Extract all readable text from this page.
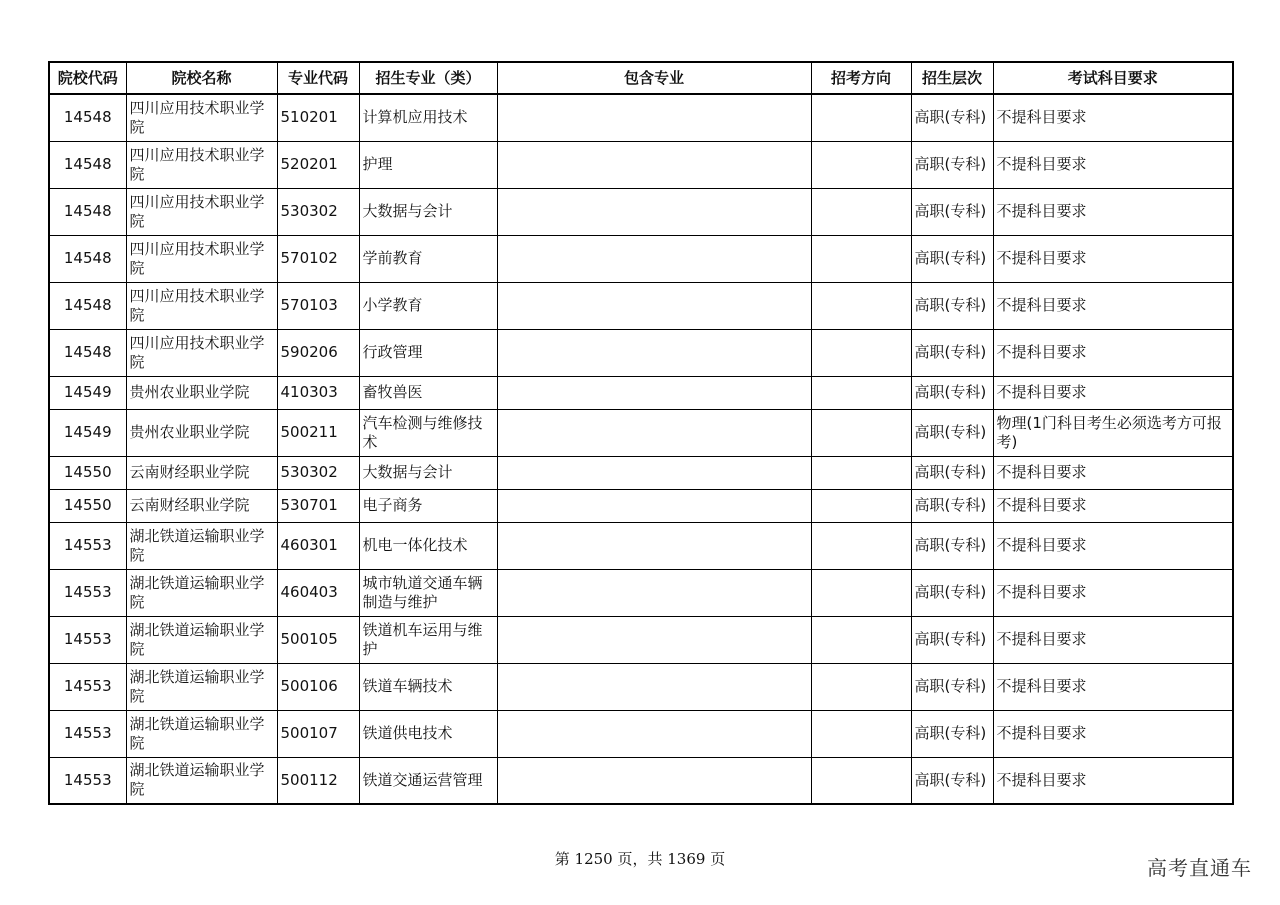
院校代码	院校名称	专业代码	招生专业（类）	包含专业	招考方向	招生层次	考试科目要求
14548	四川应用技术职业学院	510201	计算机应用技术			高职(专科)	不提科目要求
14548	四川应用技术职业学院	520201	护理			高职(专科)	不提科目要求
14548	四川应用技术职业学院	530302	大数据与会计			高职(专科)	不提科目要求
14548	四川应用技术职业学院	570102	学前教育			高职(专科)	不提科目要求
14548	四川应用技术职业学院	570103	小学教育			高职(专科)	不提科目要求
14548	四川应用技术职业学院	590206	行政管理			高职(专科)	不提科目要求
14549	贵州农业职业学院	410303	畜牧兽医			高职(专科)	不提科目要求
14549	贵州农业职业学院	500211	汽车检测与维修技术			高职(专科)	物理(1门科目考生必须选考方可报考)
14550	云南财经职业学院	530302	大数据与会计			高职(专科)	不提科目要求
14550	云南财经职业学院	530701	电子商务			高职(专科)	不提科目要求
14553	湖北铁道运输职业学院	460301	机电一体化技术			高职(专科)	不提科目要求
14553	湖北铁道运输职业学院	460403	城市轨道交通车辆制造与维护			高职(专科)	不提科目要求
14553	湖北铁道运输职业学院	500105	铁道机车运用与维护			高职(专科)	不提科目要求
14553	湖北铁道运输职业学院	500106	铁道车辆技术			高职(专科)	不提科目要求
14553	湖北铁道运输职业学院	500107	铁道供电技术			高职(专科)	不提科目要求
14553	湖北铁道运输职业学院	500112	铁道交通运营管理			高职(专科)	不提科目要求
第 1250 页，共 1369 页	高考直通车
